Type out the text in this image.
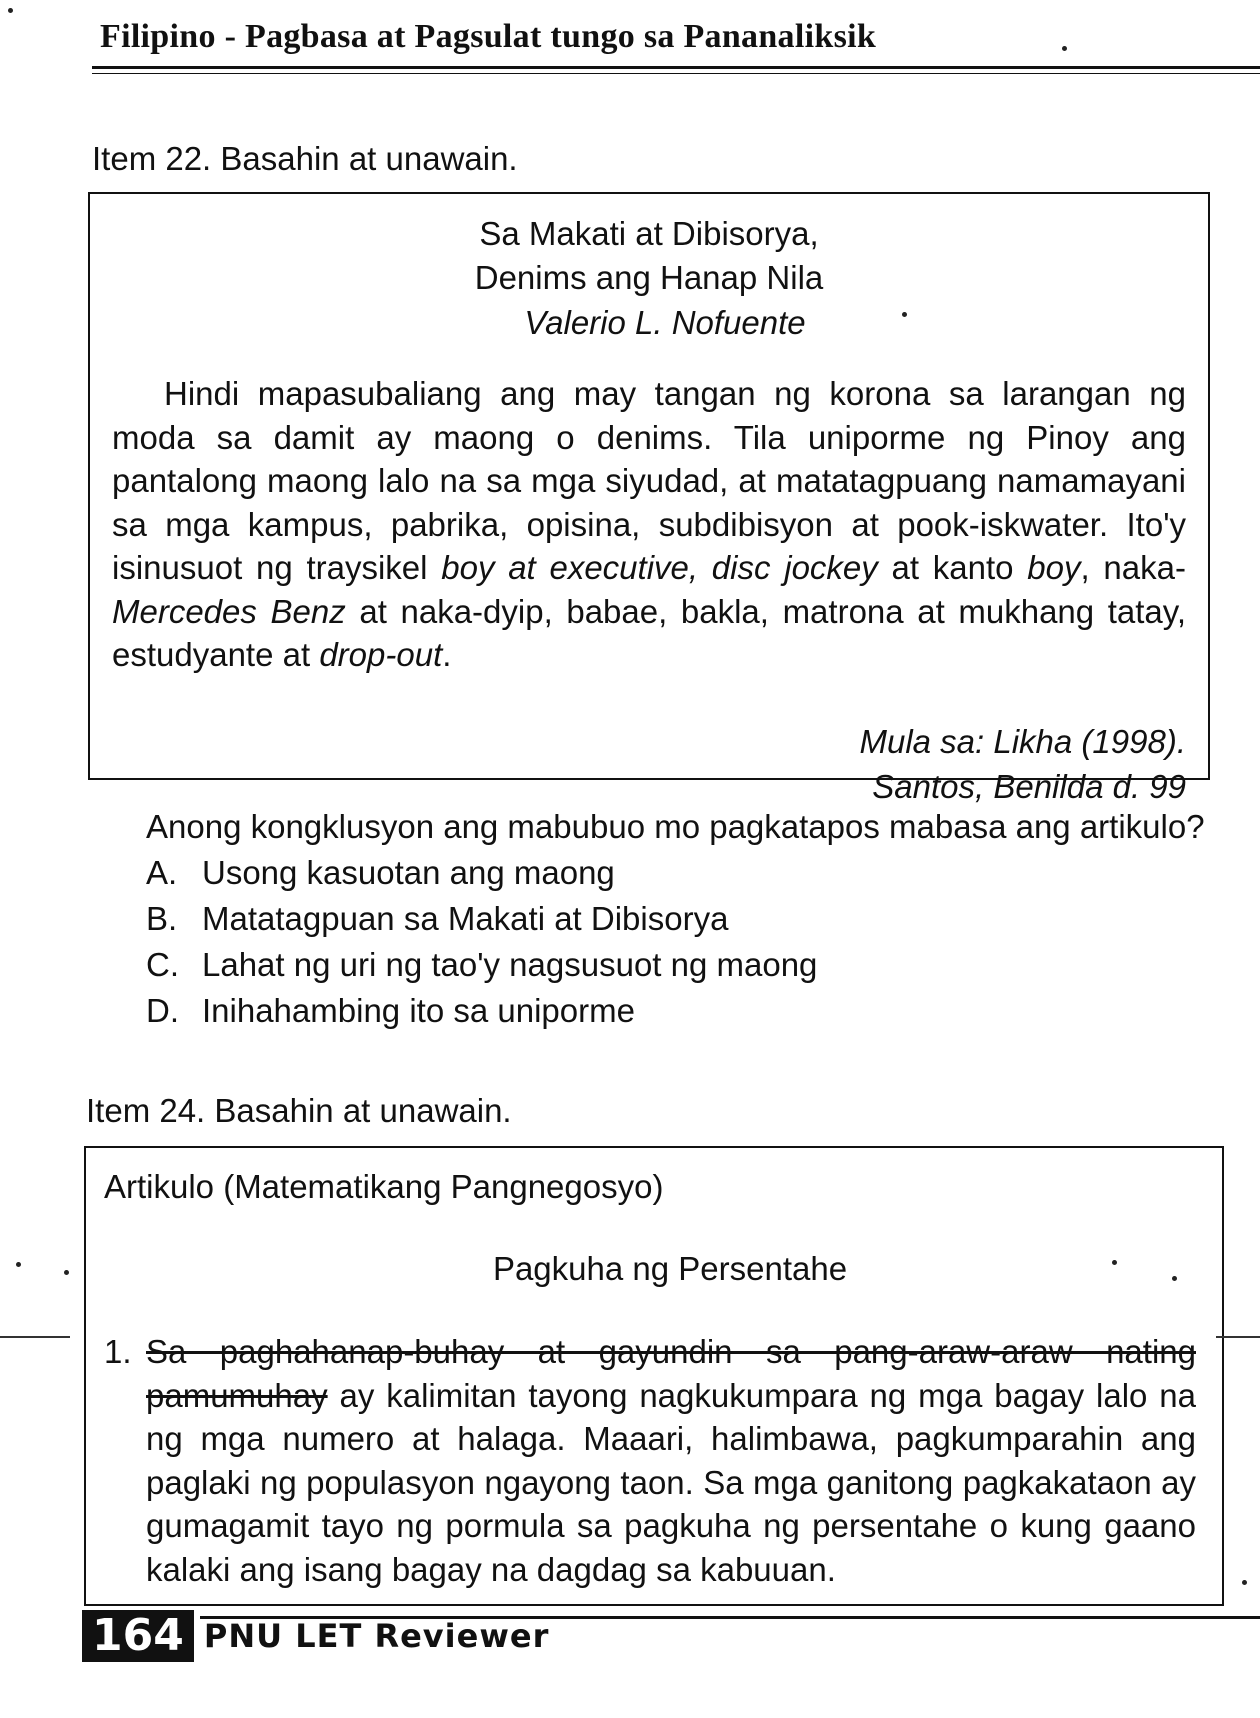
Filipino - Pagbasa at Pagsulat tungo sa Pananaliksik
Item 22. Basahin at unawain.
Sa Makati at Dibisorya,
Denims ang Hanap Nila
Valerio L. Nofuente
Hindi mapasubaliang ang may tangan ng korona sa larangan ng moda sa damit ay maong o denims. Tila uniporme ng Pinoy ang pantalong maong lalo na sa mga siyudad, at matatagpuang namamayani sa mga kampus, pabrika, opisina, subdibisyon at pook-iskwater. Ito'y isinusuot ng traysikel boy at executive, disc jockey at kanto boy, naka-Mercedes Benz at naka-dyip, babae, bakla, matrona at mukhang tatay, estudyante at drop-out.
Mula sa: Likha (1998).
Santos, Benilda d. 99
Anong kongklusyon ang mabubuo mo pagkatapos mabasa ang artikulo?
A. Usong kasuotan ang maong
B. Matatagpuan sa Makati at Dibisorya
C. Lahat ng uri ng tao'y nagsusuot ng maong
D. Inihahambing ito sa uniporme
Item 24. Basahin at unawain.
Artikulo (Matematikang Pangnegosyo)
Pagkuha ng Persentahe
1. Sa paghahanap-buhay at gayundin sa pang-araw-araw nating pamumuhay ay kalimitan tayong nagkukumpara ng mga bagay lalo na ng mga numero at halaga. Maaari, halimbawa, pagkumparahin ang paglaki ng populasyon ngayong taon. Sa mga ganitong pagkakataon ay gumagamit tayo ng pormula sa pagkuha ng persentahe o kung gaano kalaki ang isang bagay na dagdag sa kabuuan.
164 PNU LET Reviewer
